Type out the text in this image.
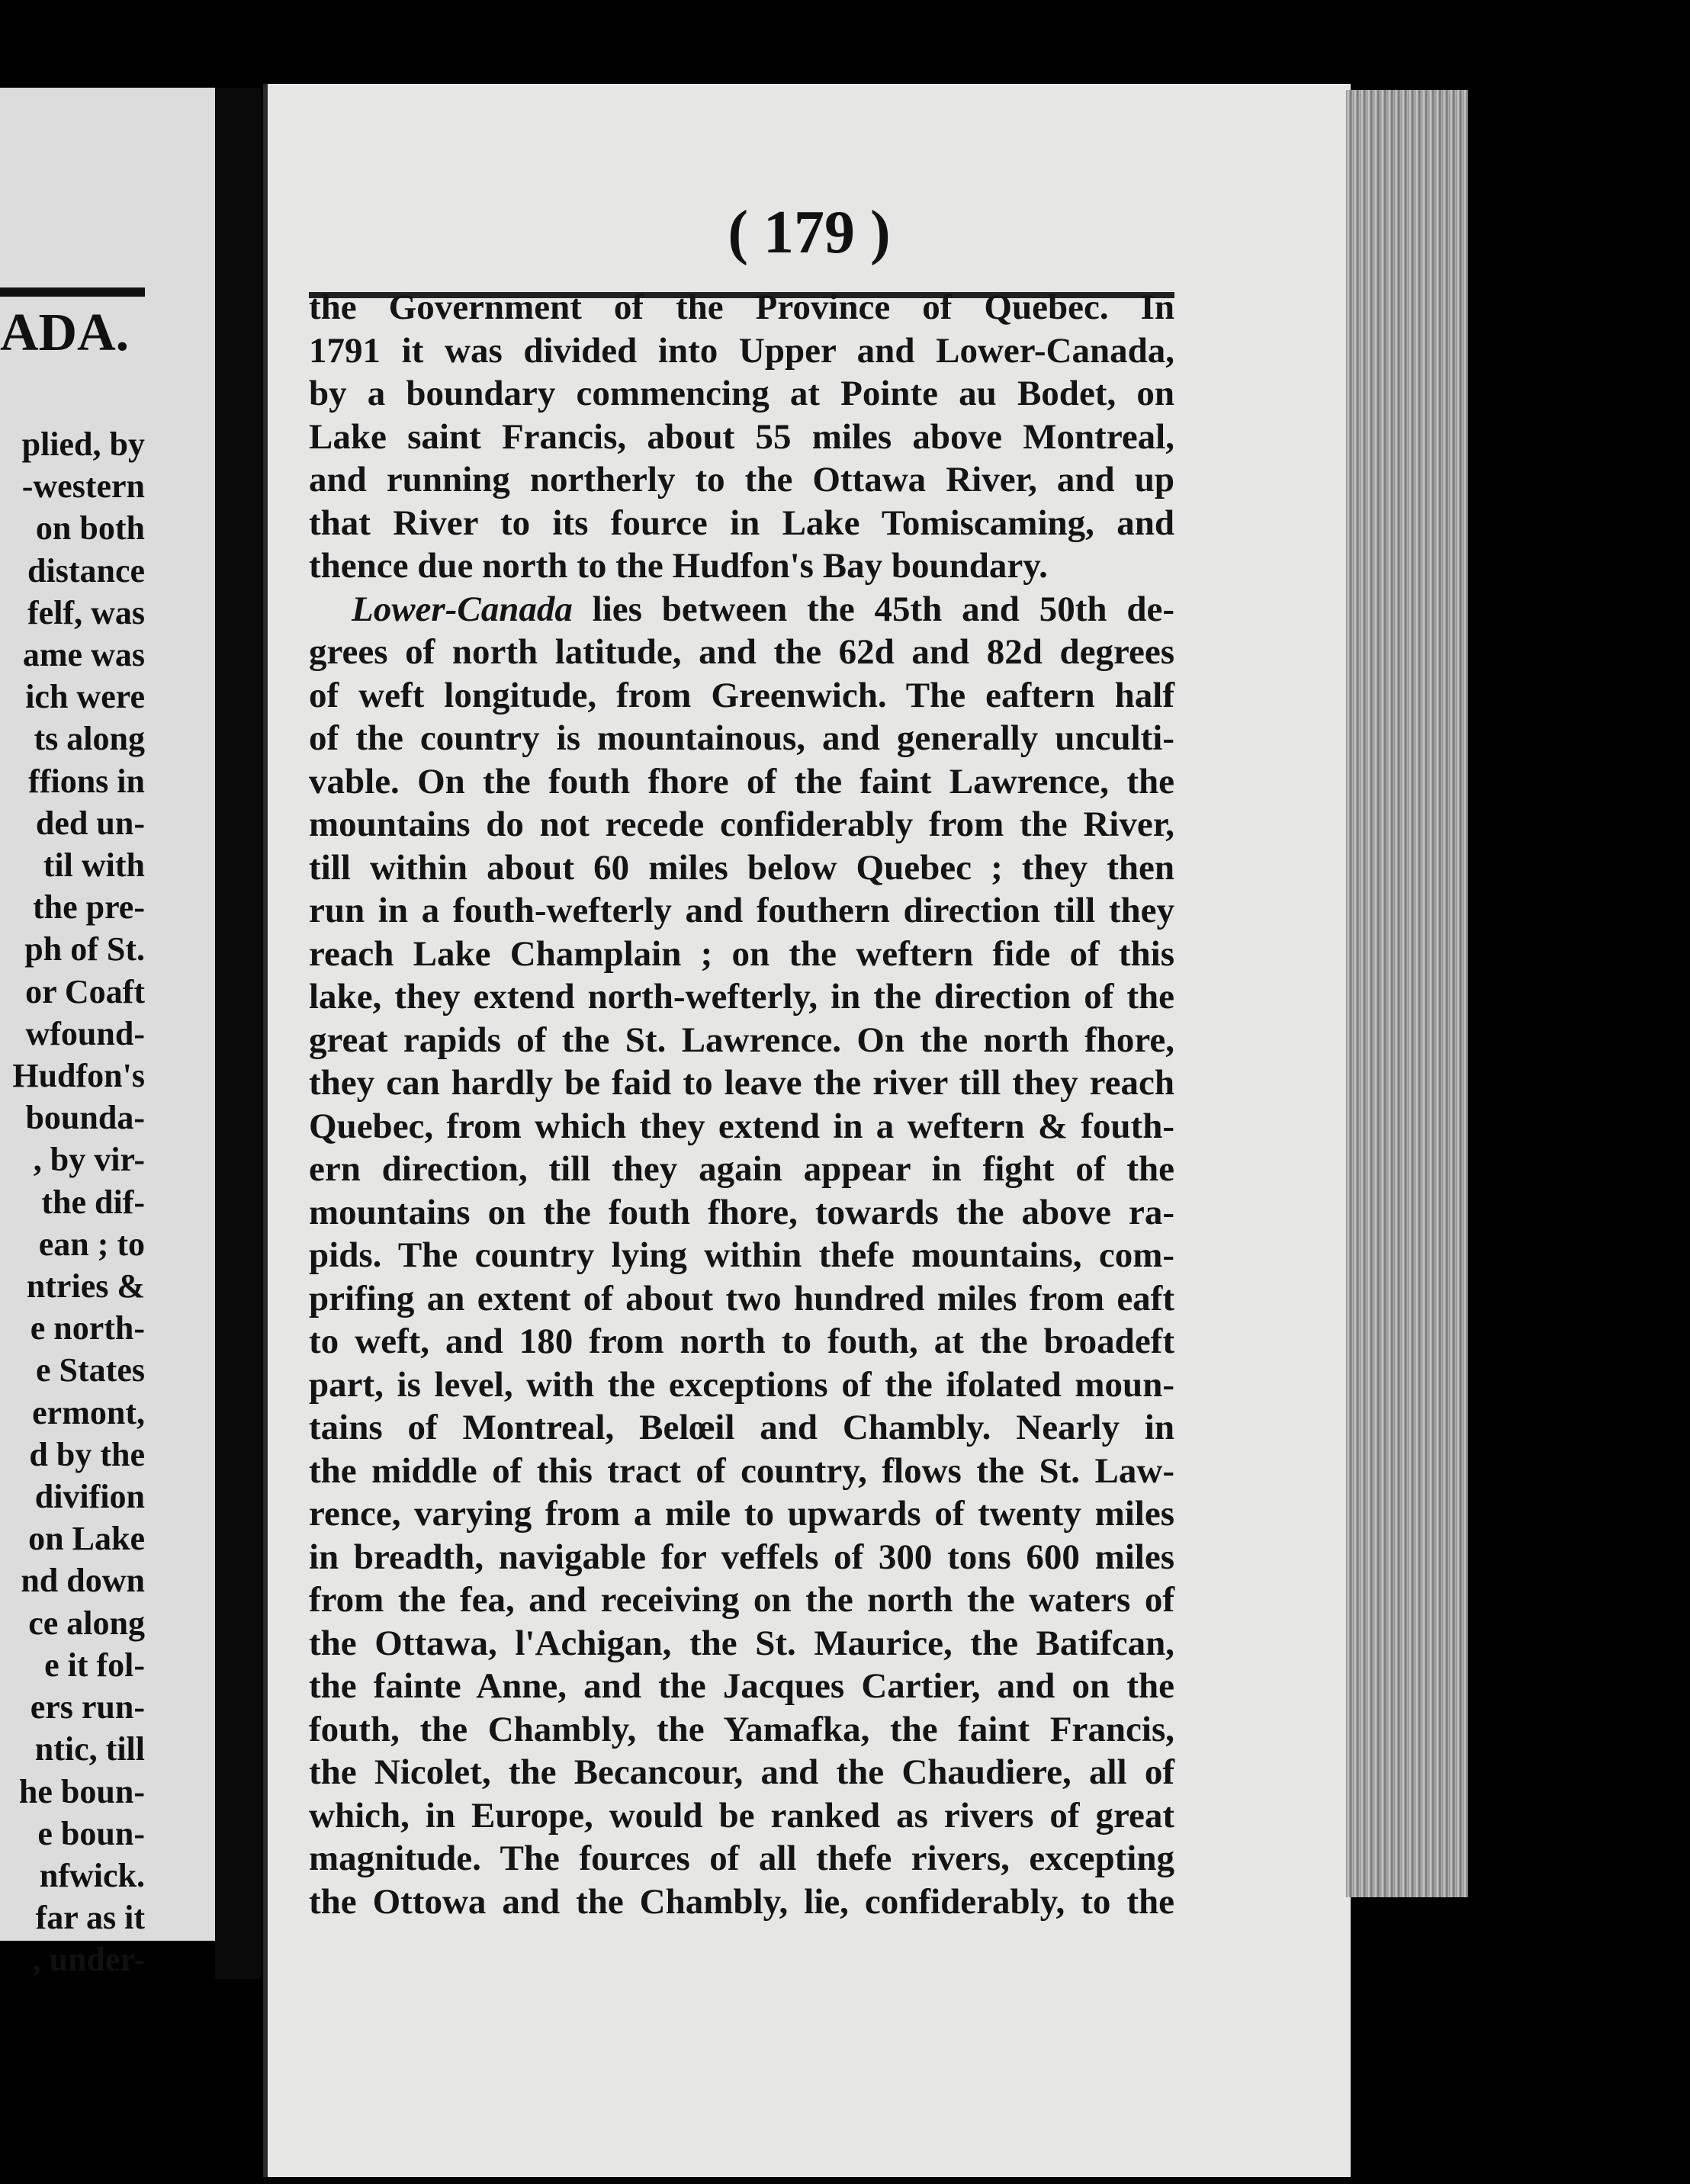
ADA.
plied, by
-western
on both
distance
felf, was
ame was
ich were
ts along
ffions in
ded un-
til with
the pre-
ph of St.
or Coaft
wfound-
Hudfon's
bounda-
, by vir-
the dif-
ean ; to
ntries &
e north-
e States
ermont,
d by the
divifion
on Lake
nd down
ce along
e it fol-
ers run-
ntic, till
he boun-
e boun-
nfwick.
far as it
, under-
( 179 )
the Government of the Province of Quebec. In
1791 it was divided into Upper and Lower-Canada,
by a boundary commencing at Pointe au Bodet, on
Lake saint Francis, about 55 miles above Montreal,
and running northerly to the Ottawa River, and up
that River to its fource in Lake Tomiscaming, and
thence due north to the Hudfon's Bay boundary.
Lower-Canada lies between the 45th and 50th de-
grees of north latitude, and the 62d and 82d degrees
of weft longitude, from Greenwich. The eaftern half
of the country is mountainous, and generally unculti-
vable. On the fouth fhore of the faint Lawrence, the
mountains do not recede confiderably from the River,
till within about 60 miles below Quebec ; they then
run in a fouth-wefterly and fouthern direction till they
reach Lake Champlain ; on the weftern fide of this
lake, they extend north-wefterly, in the direction of the
great rapids of the St. Lawrence. On the north fhore,
they can hardly be faid to leave the river till they reach
Quebec, from which they extend in a weftern & fouth-
ern direction, till they again appear in fight of the
mountains on the fouth fhore, towards the above ra-
pids. The country lying within thefe mountains, com-
prifing an extent of about two hundred miles from eaft
to weft, and 180 from north to fouth, at the broadeft
part, is level, with the exceptions of the ifolated moun-
tains of Montreal, Belœil and Chambly. Nearly in
the middle of this tract of country, flows the St. Law-
rence, varying from a mile to upwards of twenty miles
in breadth, navigable for veffels of 300 tons 600 miles
from the fea, and receiving on the north the waters of
the Ottawa, l'Achigan, the St. Maurice, the Batifcan,
the fainte Anne, and the Jacques Cartier, and on the
fouth, the Chambly, the Yamafka, the faint Francis,
the Nicolet, the Becancour, and the Chaudiere, all of
which, in Europe, would be ranked as rivers of great
magnitude. The fources of all thefe rivers, excepting
the Ottowa and the Chambly, lie, confiderably, to the
